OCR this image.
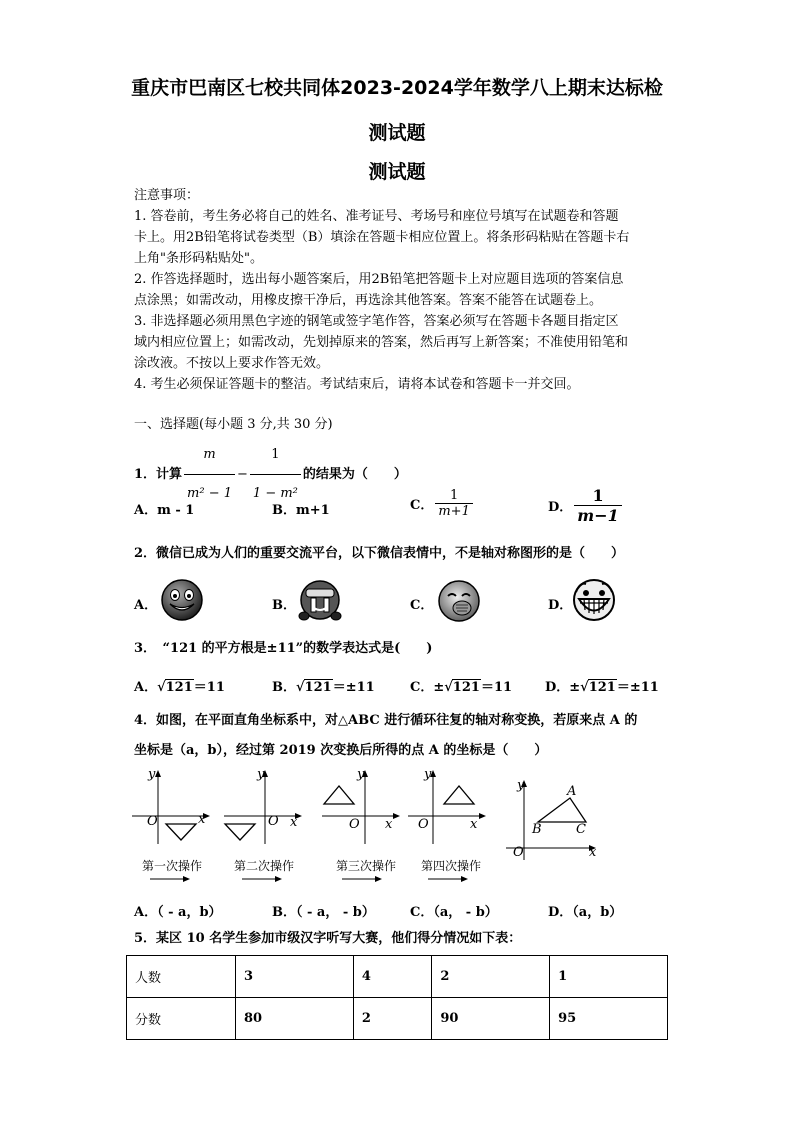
重庆市巴南区七校共同体2023-2024学年数学八上期末达标检
测试题
测试题
注意事项：
1. 答卷前，考生务必将自己的姓名、准考证号、考场号和座位号填写在试题卷和答题
卡上。用2B铅笔将试卷类型（B）填涂在答题卡相应位置上。将条形码粘贴在答题卡右
上角"条形码粘贴处"。
2. 作答选择题时，选出每小题答案后，用2B铅笔把答题卡上对应题目选项的答案信息
点涂黑；如需改动，用橡皮擦干净后，再选涂其他答案。答案不能答在试题卷上。
3. 非选择题必须用黑色字迹的钢笔或签字笔作答，答案必须写在答题卡各题目指定区
域内相应位置上；如需改动，先划掉原来的答案，然后再写上新答案；不准使用铅笔和
涂改液。不按以上要求作答无效。
4. 考生必须保证答题卡的整洁。考试结束后，请将本试卷和答题卡一并交回。
一、选择题(每小题 3 分,共 30 分)
1．计算 $\frac{m}{\text{m² − 1}} - \frac{1}{\text{1 − m²}}$ 的结果为（　　）
A．m - 1	B．m+1	C． $\frac{1}{m+1}$	D． $\frac{1}{m-1}$
2．微信已成为人们的重要交流平台，以下微信表情中，不是轴对称图形的是（　　）
A．	B．	C．	D．
3．　“121 的平方根是±11”的数学表达式是(　　)
A．√121＝11	B．√121＝±11	C．±√121＝11	D．±√121＝±11
4．如图，在平面直角坐标系中，对△ABC 进行循环往复的轴对称变换，若原来点 A 的
坐标是（a，b），经过第 2019 次变换后所得的点 A 的坐标是（　　）
y
O	x
y
O x
y
O x
y
O	x
y	A
B	C
O	x
第一次操作	第二次操作	第三次操作 第四次操作
A．（ - a，b）	B．（ - a， - b）	C．（a， - b）	D．（a，b）
5．某区 10 名学生参加市级汉字听写大赛，他们得分情况如下表：
人数	3	4	2	1
分数	80	2	90	95
